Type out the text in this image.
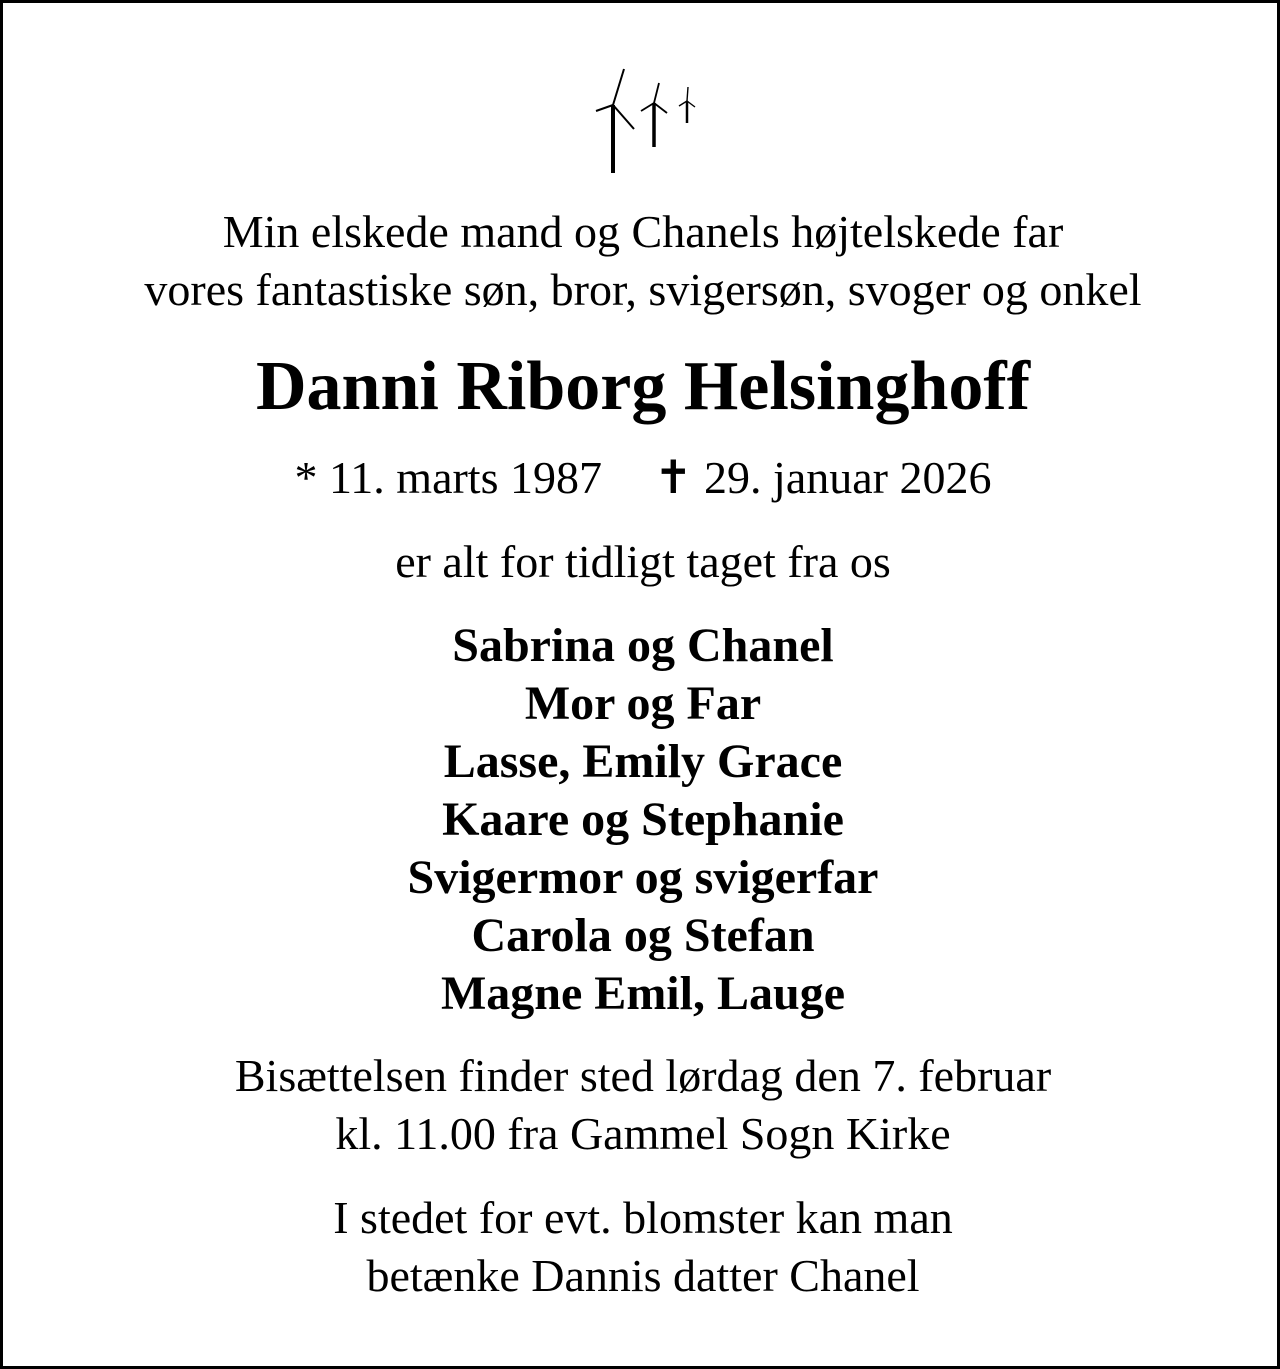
Min elskede mand og Chanels højtelskede far
vores fantastiske søn, bror, svigersøn, svoger og onkel
Danni Riborg Helsinghoff
* 11. marts 1987 ✝ 29. januar 2026
er alt for tidligt taget fra os
Sabrina og Chanel
Mor og Far
Lasse, Emily Grace
Kaare og Stephanie
Svigermor og svigerfar
Carola og Stefan
Magne Emil, Lauge
Bisættelsen finder sted lørdag den 7. februar
kl. 11.00 fra Gammel Sogn Kirke
I stedet for evt. blomster kan man
betænke Dannis datter Chanel
